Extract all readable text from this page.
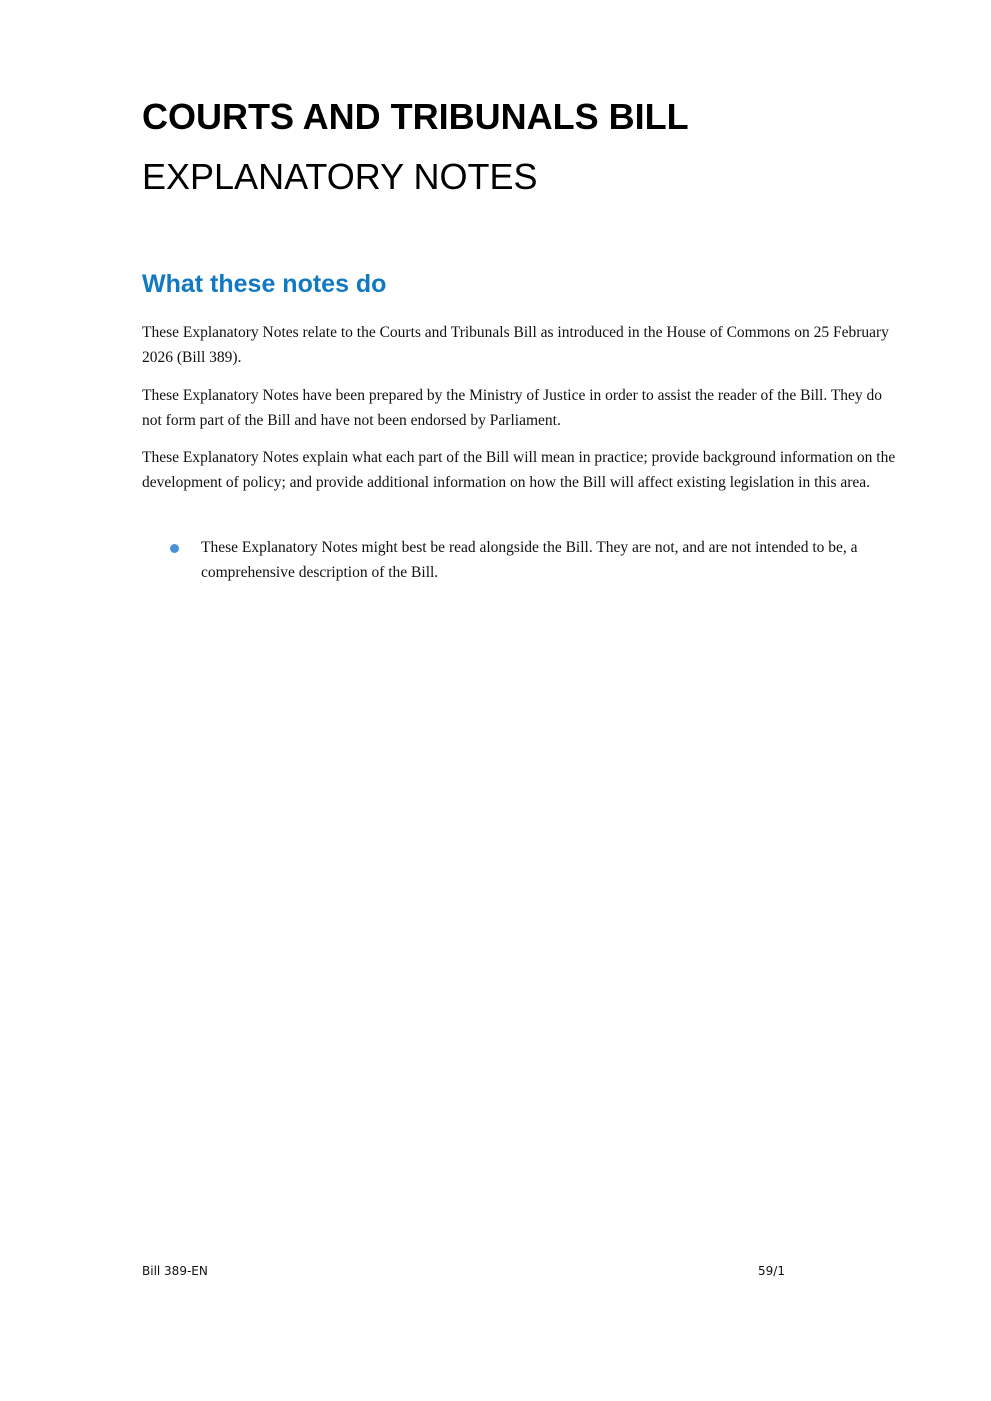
COURTS AND TRIBUNALS BILL
EXPLANATORY NOTES
What these notes do

These Explanatory Notes relate to the Courts and Tribunals Bill as introduced in the House of Commons on 25 February 2026 (Bill 389).

These Explanatory Notes have been prepared by the Ministry of Justice in order to assist the reader of the Bill. They do not form part of the Bill and have not been endorsed by Parliament.

These Explanatory Notes explain what each part of the Bill will mean in practice; provide background information on the development of policy; and provide additional information on how the Bill will affect existing legislation in this area.

These Explanatory Notes might best be read alongside the Bill. They are not, and are not intended to be, a comprehensive description of the Bill.
Bill 389-EN	59/1
